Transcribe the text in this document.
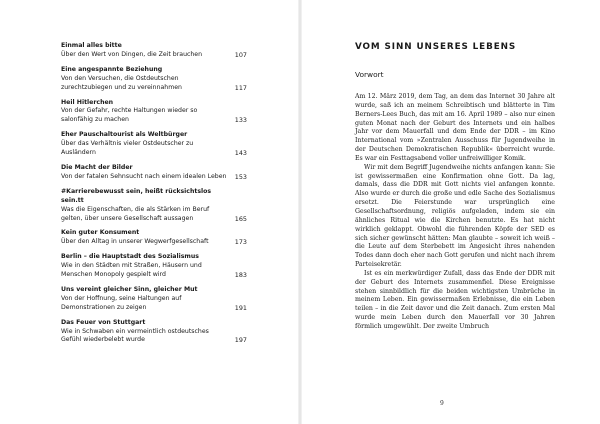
Einmal alles bitte
Über den Wert von Dingen, die Zeit brauchen	107
Eine angespannte Beziehung
Von den Versuchen, die Ostdeutschen zurechtzubiegen und zu vereinnahmen	117
Heil Hitlerchen
Von der Gefahr, rechte Haltungen wieder so salonfähig zu machen	133
Eher Pauschaltourist als Weltbürger
Über das Verhältnis vieler Ostdeutscher zu Ausländern	143
Die Macht der Bilder
Von der fatalen Sehnsucht nach einem idealen Leben	153
#Karrierebewusst sein, heißt rücksichtslos sein.tt
Was die Eigenschaften, die als Stärken im Beruf gelten, über unsere Gesellschaft aussagen	165
Kein guter Konsument
Über den Alltag in unserer Wegwerfgesellschaft	173
Berlin – die Hauptstadt des Sozialismus
Wie in den Städten mit Straßen, Häusern und Menschen Monopoly gespielt wird	183
Uns vereint gleicher Sinn, gleicher Mut
Von der Hoffnung, seine Haltungen auf Demonstrationen zu zeigen	191
Das Feuer von Stuttgart
Wie in Schwaben ein vermeintlich ostdeutsches Gefühl wiederbelebt wurde	197
VOM SINN UNSERES LEBENS
Vorwort

Am 12. März 2019, dem Tag, an dem das Internet 30 Jahre alt wurde, saß ich an meinem Schreibtisch und blätterte in Tim Berners-Lees Buch, das mit am 16. April 1989 – also nur einen guten Monat nach der Geburt des Internets und ein halbes Jahr vor dem Mauerfall und dem Ende der DDR – im Kino International vom »Zentralen Ausschuss für Jugendweihe in der Deutschen Demokratischen Republik« überreicht wurde. Es war ein Festtagsabend voller unfreiwilliger Komik.

Wir mit dem Begriff Jugendweihe nichts anfangen kann: Sie ist gewissermaßen eine Konfirmation ohne Gott. Da lag, damals, dass die DDR mit Gott nichts viel anfangen konnte. Also wurde er durch die große und edle Sache des Sozialismus ersetzt. Die Feierstunde war ursprünglich eine Gesellschaftsordnung, religiös aufgeladen, indem sie ein ähnliches Ritual wie die Kirchen benutzte. Es hat nicht wirklich geklappt. Obwohl die führenden Köpfe der SED es sich sicher gewünscht hätten: Man glaubte – soweit ich weiß – die Leute auf dem Sterbebett im Angesicht ihres nahenden Todes dann doch eher nach Gott gerufen und nicht nach ihrem Parteisekretär.

Ist es ein merkwürdiger Zufall, dass das Ende der DDR mit der Geburt des Internets zusammenfiel. Diese Ereignisse stehen sinnbildlich für die beiden wichtigsten Umbrüche in meinem Leben. Ein gewissermaßen Erlebnisse, die ein Leben teilen – in die Zeit davor und die Zeit danach. Zum ersten Mal wurde mein Leben durch den Mauerfall vor 30 Jahren förmlich umgewühlt. Der zweite Umbruch

9
